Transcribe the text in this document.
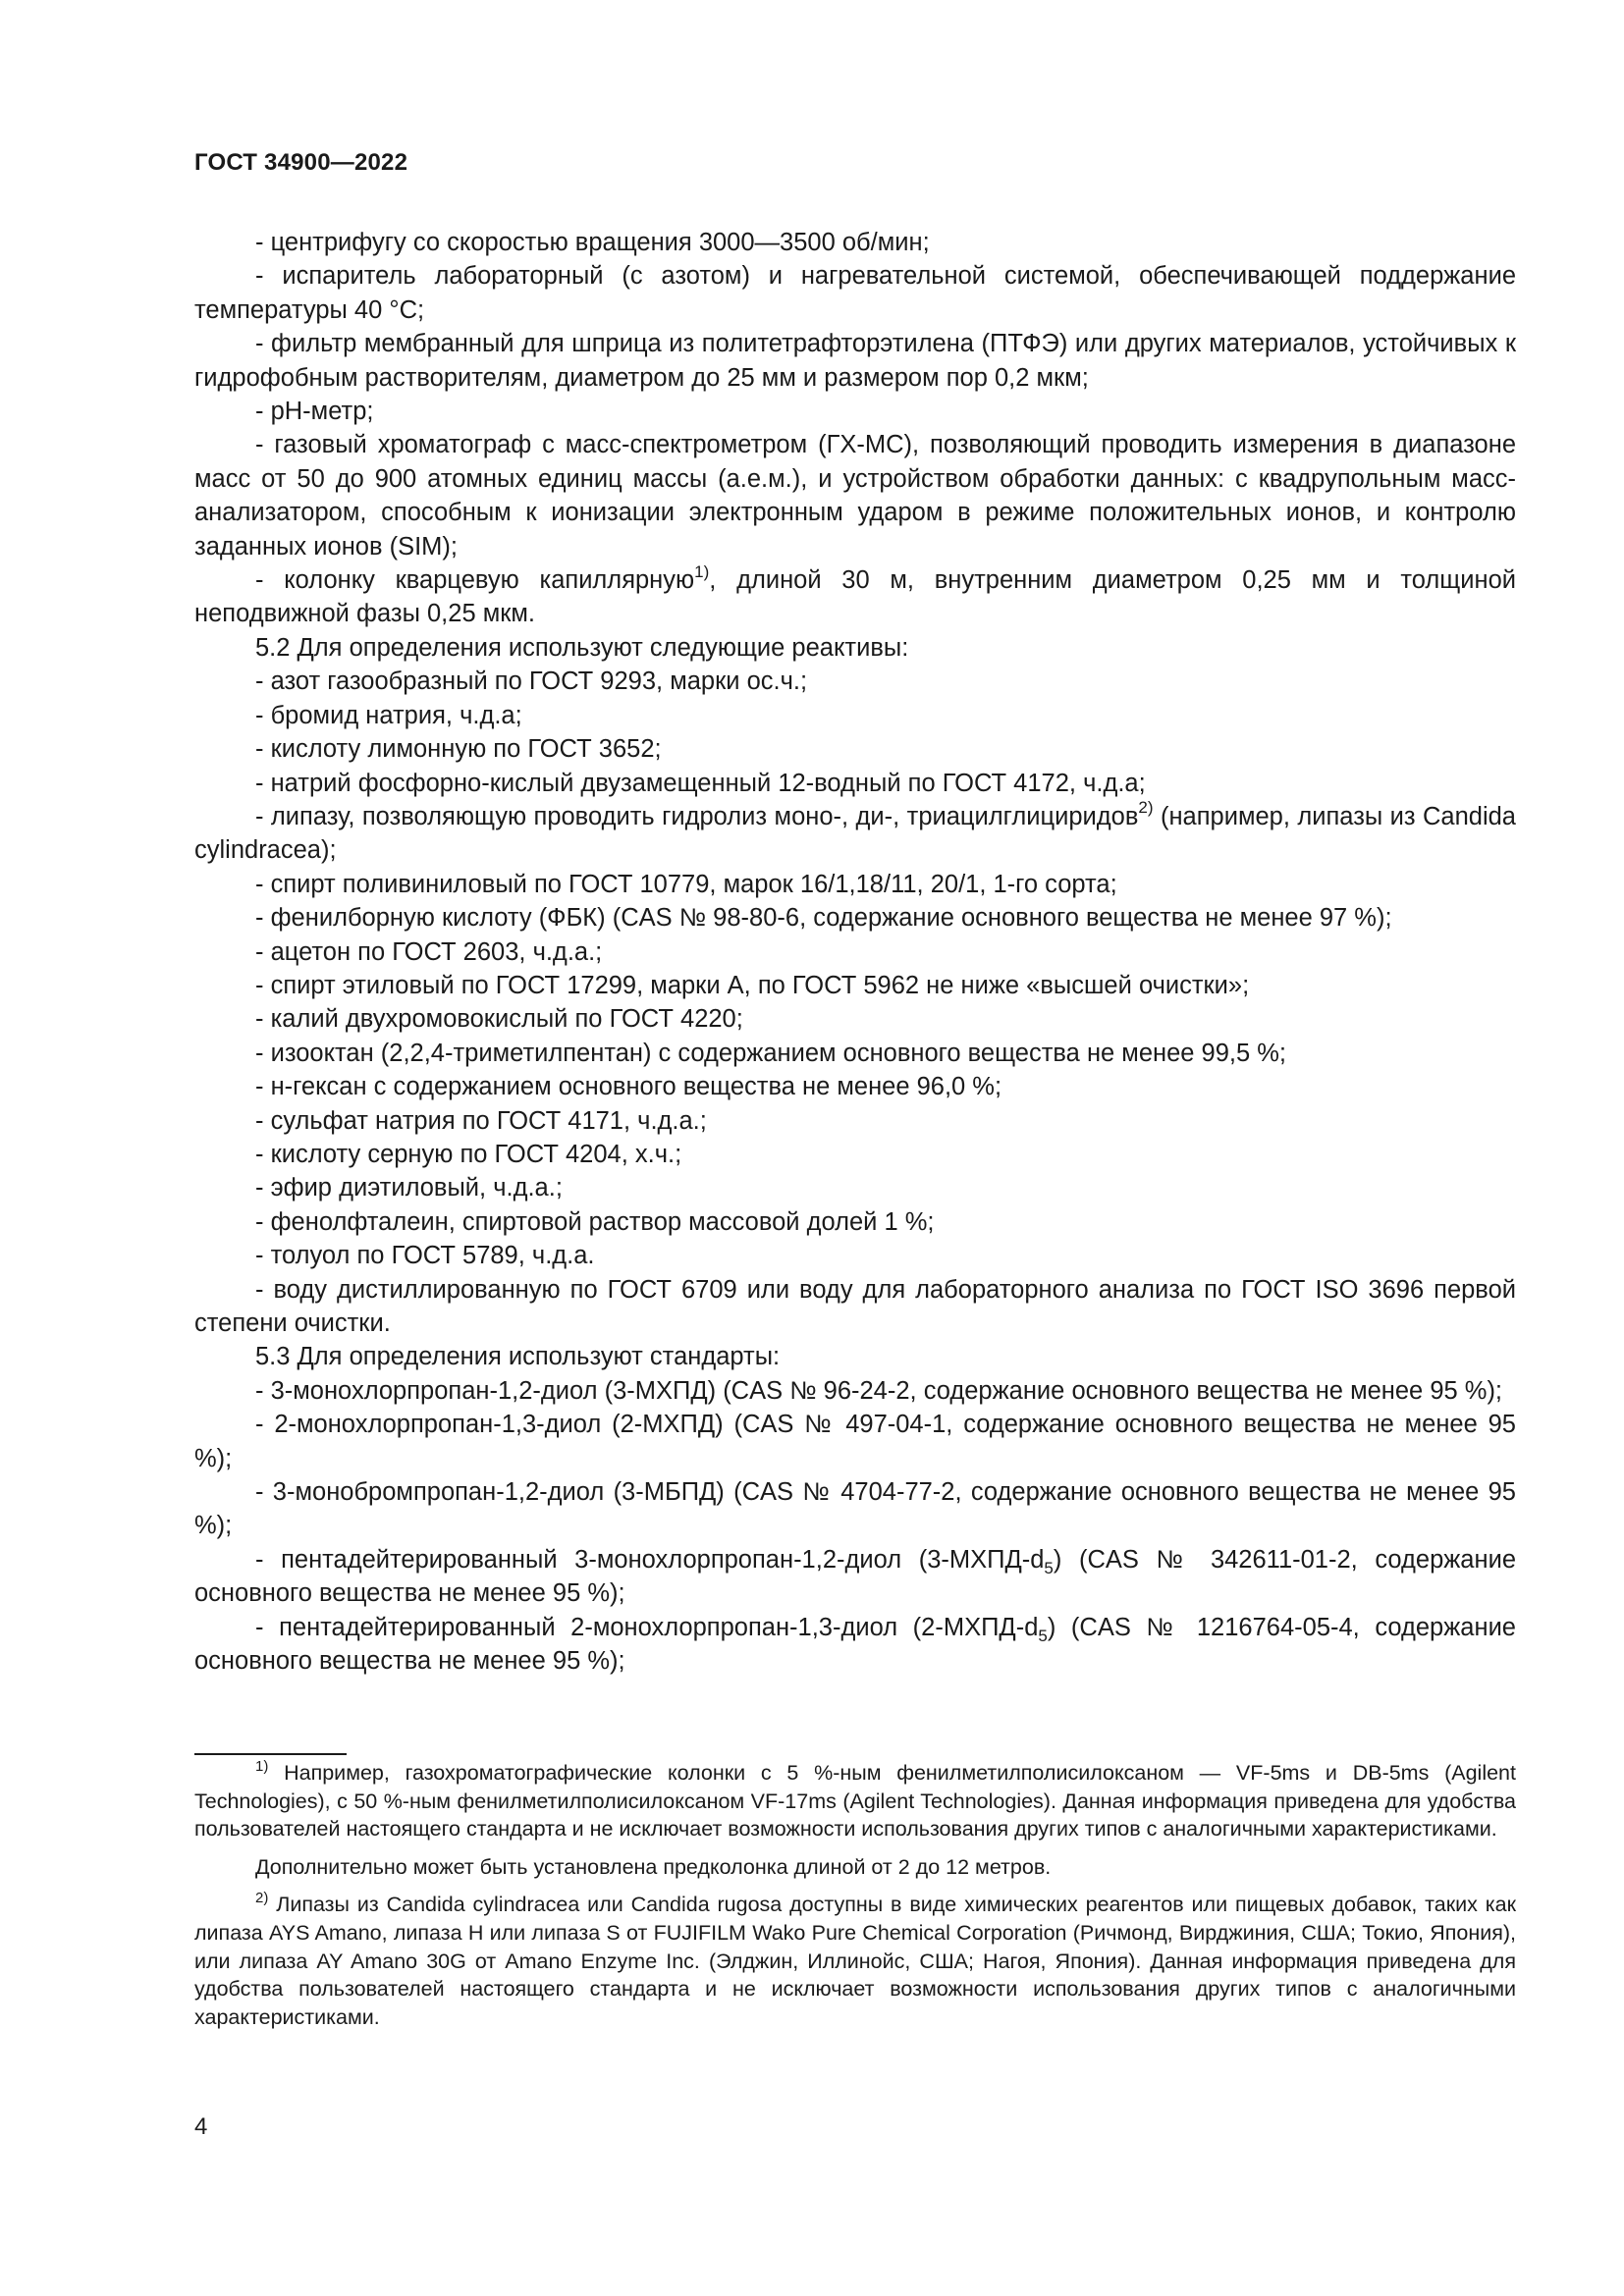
ГОСТ 34900—2022

- центрифугу со скоростью вращения 3000—3500 об/мин;

- испаритель лабораторный (с азотом) и нагревательной системой, обеспечивающей поддержание температуры 40 °С;

- фильтр мембранный для шприца из политетрафторэтилена (ПТФЭ) или других материалов, устойчивых к гидрофобным растворителям, диаметром до 25 мм и размером пор 0,2 мкм;

- рН-метр;

- газовый хроматограф с масс-спектрометром (ГХ-МС), позволяющий проводить измерения в диапазоне масс от 50 до 900 атомных единиц массы (а.е.м.), и устройством обработки данных: с квадрупольным масс-анализатором, способным к ионизации электронным ударом в режиме положительных ионов, и контролю заданных ионов (SIM);

- колонку кварцевую капиллярную$^{1)}$, длиной 30 м, внутренним диаметром 0,25 мм и толщиной неподвижной фазы 0,25 мкм.

5.2 Для определения используют следующие реактивы:

- азот газообразный по ГОСТ 9293, марки ос.ч.;

- бромид натрия, ч.д.а;

- кислоту лимонную по ГОСТ 3652;

- натрий фосфорно-кислый двузамещенный 12-водный по ГОСТ 4172, ч.д.а;

- липазу, позволяющую проводить гидролиз моно-, ди-, триацилглициридов$^{2)}$ (например, липазы из Candida cylindracea);

- спирт поливиниловый по ГОСТ 10779, марок 16/1,18/11, 20/1, 1-го сорта;

- фенилборную кислоту (ФБК) (CAS № 98-80-6, содержание основного вещества не менее 97 %);

- ацетон по ГОСТ 2603, ч.д.а.;

- спирт этиловый по ГОСТ 17299, марки А, по ГОСТ 5962 не ниже «высшей очистки»;

- калий двухромовокислый по ГОСТ 4220;

- изооктан (2,2,4-триметилпентан) с содержанием основного вещества не менее 99,5 %;

- н-гексан с содержанием основного вещества не менее 96,0 %;

- сульфат натрия по ГОСТ 4171, ч.д.а.;

- кислоту серную по ГОСТ 4204, х.ч.;

- эфир диэтиловый, ч.д.а.;

- фенолфталеин, спиртовой раствор массовой долей 1 %;

- толуол по ГОСТ 5789, ч.д.а.

- воду дистиллированную по ГОСТ 6709 или воду для лабораторного анализа по ГОСТ ISO 3696 первой степени очистки.

5.3 Для определения используют стандарты:

- 3-монохлорпропан-1,2-диол (3-МХПД) (CAS № 96-24-2, содержание основного вещества не менее 95 %);

- 2-монохлорпропан-1,3-диол (2-МХПД) (CAS № 497-04-1, содержание основного вещества не менее 95 %);

- 3-монобромпропан-1,2-диол (3-МБПД) (CAS № 4704-77-2, содержание основного вещества не менее 95 %);

- пентадейтерированный 3-монохлорпропан-1,2-диол $(3-МХПД-d_5)$ (CAS № 342611-01-2, содержание основного вещества не менее 95 %);

- пентадейтерированный 2-монохлорпропан-1,3-диол $(2-МХПД-d_5)$ (CAS № 1216764-05-4, содержание основного вещества не менее 95 %);

$^{1)}$ Например, газохроматографические колонки с 5 %-ным фенилметилполисилоксаном — VF-5ms и DB-5ms (Agilent Technologies), с 50 %-ным фенилметилполисилоксаном VF-17ms (Agilent Technologies). Данная информация приведена для удобства пользователей настоящего стандарта и не исключает возможности использования других типов с аналогичными характеристиками.

Дополнительно может быть установлена предколонка длиной от 2 до 12 метров.

$^{2)}$ Липазы из Candida cylindracea или Candida rugosa доступны в виде химических реагентов или пищевых добавок, таких как липаза AYS Amano, липаза H или липаза S от FUJIFILM Wako Pure Chemical Corporation (Ричмонд, Вирджиния, США; Токио, Япония), или липаза AY Amano 30G от Amano Enzyme Inc. (Элджин, Иллинойс, США; Нагоя, Япония). Данная информация приведена для удобства пользователей настоящего стандарта и не исключает возможности использования других типов с аналогичными характеристиками.

4
